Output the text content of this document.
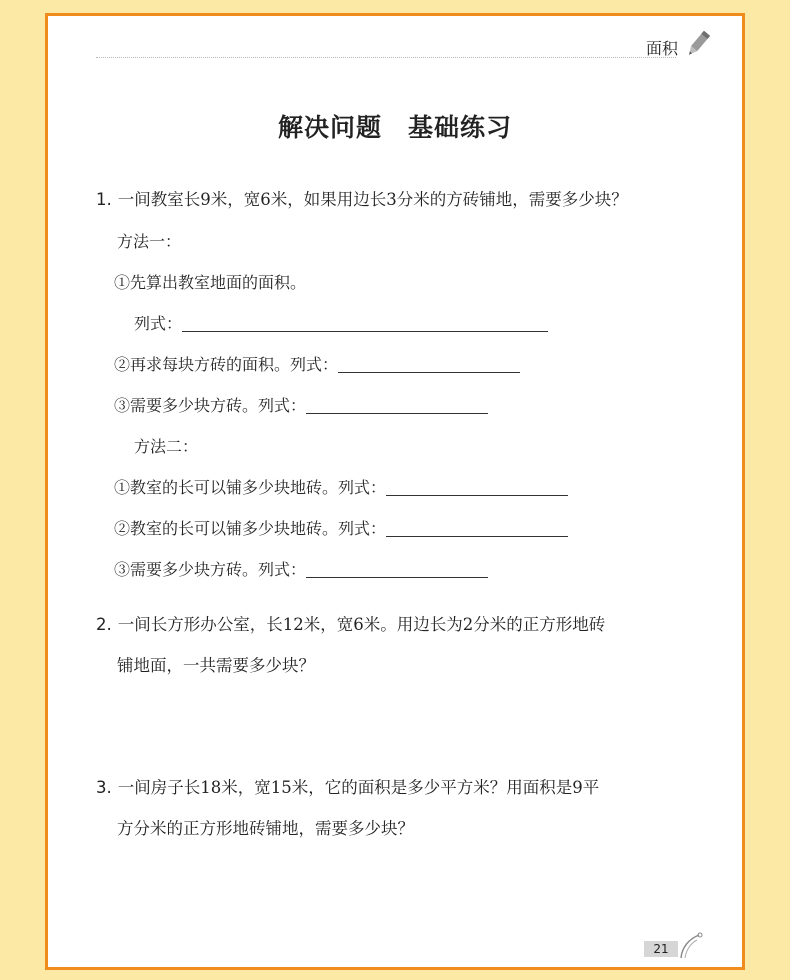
面积
解决问题　基础练习
1. 一间教室长9米，宽6米，如果用边长3分米的方砖铺地，需要多少块？
方法一：
①先算出教室地面的面积。
列式：
②再求每块方砖的面积。列式：
③需要多少块方砖。列式：
方法二：
①教室的长可以铺多少块地砖。列式：
②教室的长可以铺多少块地砖。列式：
③需要多少块方砖。列式：
2. 一间长方形办公室，长12米，宽6米。用边长为2分米的正方形地砖
铺地面，一共需要多少块？
3. 一间房子长18米，宽15米，它的面积是多少平方米？用面积是9平
方分米的正方形地砖铺地，需要多少块？
21
